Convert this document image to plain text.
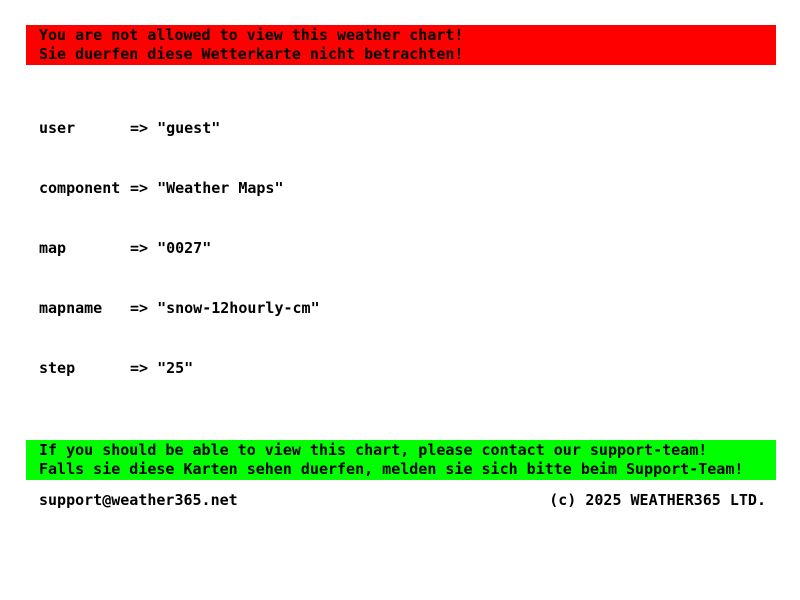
You are not allowed to view this weather chart!
Sie duerfen diese Wetterkarte nicht betrachten!

user	=> "guest"

component => "Weather Maps"

map	=> "0027"

mapname => "snow-12hourly-cm"

step	=> "25"

If you should be able to view this chart, please contact our support-team!
Falls sie diese Karten sehen duerfen, melden sie sich bitte beim Support-Team!
support@weather365.net	(c) 2025 WEATHER365 LTD.
